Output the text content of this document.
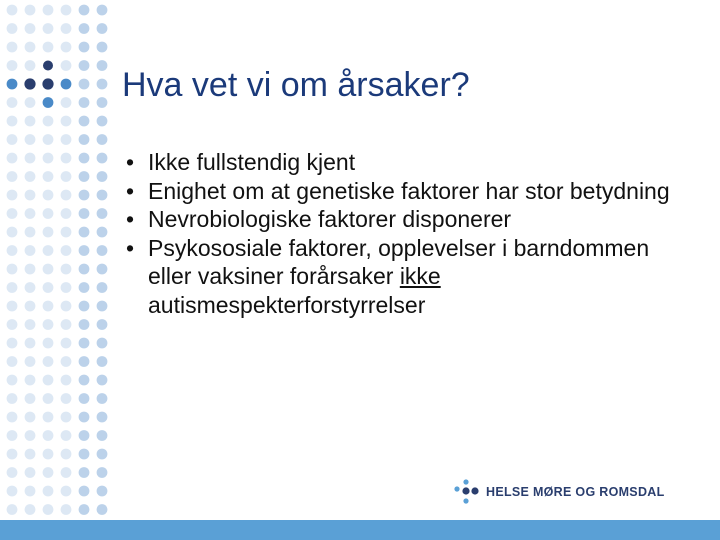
Hva vet vi om årsaker?
• Ikke fullstendig kjent
• Enighet om at genetiske faktorer har stor betydning
• Nevrobiologiske faktorer disponerer
• Psykososiale faktorer, opplevelser i barndommen eller vaksiner forårsaker ikke autismespekterforstyrrelser
HELSE MØRE OG ROMSDAL
